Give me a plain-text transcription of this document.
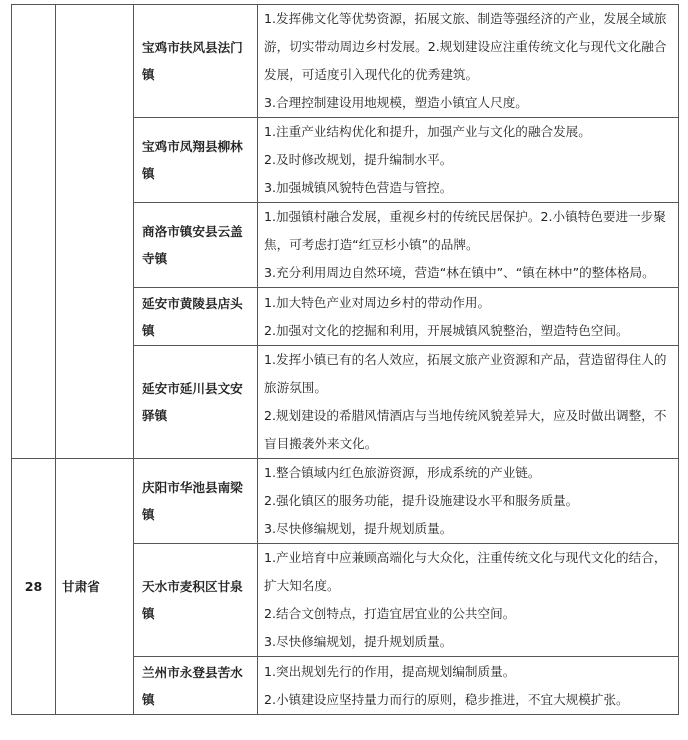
		宝鸡市扶风县法门镇	1.发挥佛文化等优势资源，拓展文旅、制造等强经济的产业，发展全域旅游，切实带动周边乡村发展。2.规划建设应注重传统文化与现代文化融合发展，可适度引入现代化的优秀建筑。
3.合理控制建设用地规模，塑造小镇宜人尺度。

		宝鸡市凤翔县柳林镇	1.注重产业结构优化和提升，加强产业与文化的融合发展。
2.及时修改规划，提升编制水平。
3.加强城镇风貌特色营造与管控。

		商洛市镇安县云盖寺镇	1.加强镇村融合发展，重视乡村的传统民居保护。2.小镇特色要进一步聚焦，可考虑打造“红豆杉小镇”的品牌。
3.充分利用周边自然环境，营造“林在镇中”、“镇在林中”的整体格局。

		延安市黄陵县店头镇	1.加大特色产业对周边乡村的带动作用。
2.加强对文化的挖掘和利用，开展城镇风貌整治，塑造特色空间。

		延安市延川县文安驿镇	1.发挥小镇已有的名人效应，拓展文旅产业资源和产品，营造留得住人的旅游氛围。
2.规划建设的希腊风情酒店与当地传统风貌差异大，应及时做出调整，不盲目搬袭外来文化。

28	甘肃省	庆阳市华池县南梁镇	1.整合镇域内红色旅游资源，形成系统的产业链。
2.强化镇区的服务功能，提升设施建设水平和服务质量。
3.尽快修编规划，提升规划质量。

		天水市麦积区甘泉镇	1.产业培育中应兼顾高端化与大众化，注重传统文化与现代文化的结合，扩大知名度。
2.结合文创特点，打造宜居宜业的公共空间。
3.尽快修编规划，提升规划质量。

		兰州市永登县苦水镇	1.突出规划先行的作用，提高规划编制质量。
2.小镇建设应坚持量力而行的原则，稳步推进，不宜大规模扩张。
